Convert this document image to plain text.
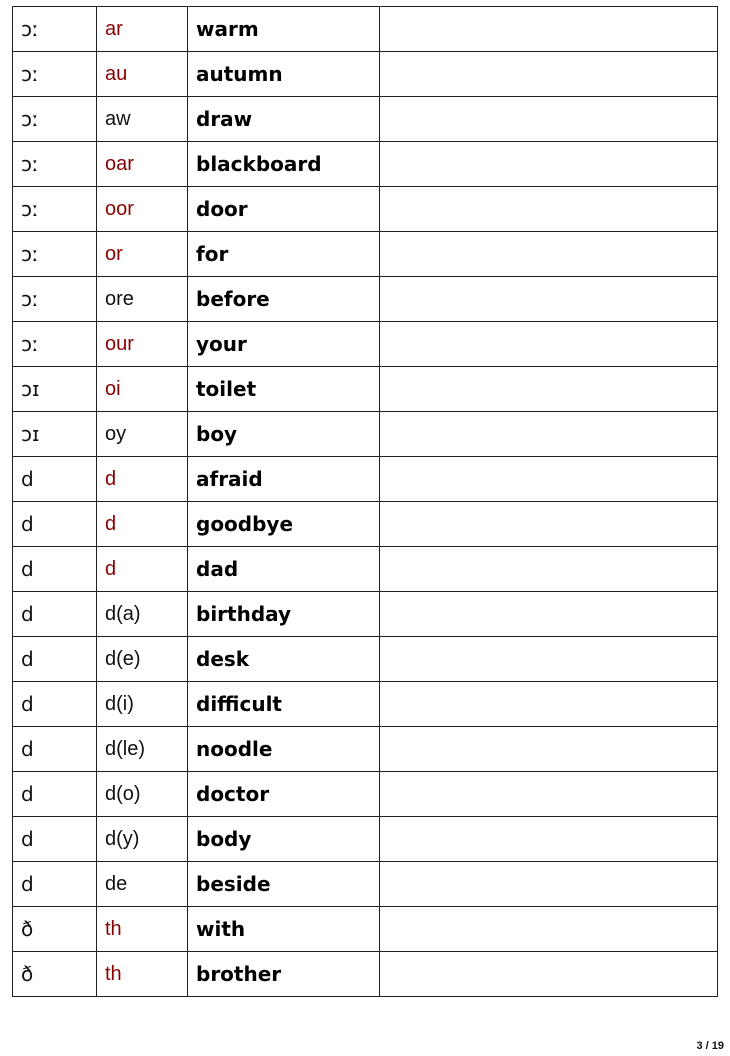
ɔː	ar	warm	
ɔː	au	autumn	
ɔː	aw	draw	
ɔː	oar	blackboard	
ɔː	oor	door	
ɔː	or	for	
ɔː	ore	before	
ɔː	our	your	
ɔɪ	oi	toilet	
ɔɪ	oy	boy	
d	d	afraid	
d	d	goodbye	
d	d	dad	
d	d(a)	birthday	
d	d(e)	desk	
d	d(i)	difficult	
d	d(le)	noodle	
d	d(o)	doctor	
d	d(y)	body	
d	de	beside	
ð	th	with	
ð	th	brother	
3 / 19
